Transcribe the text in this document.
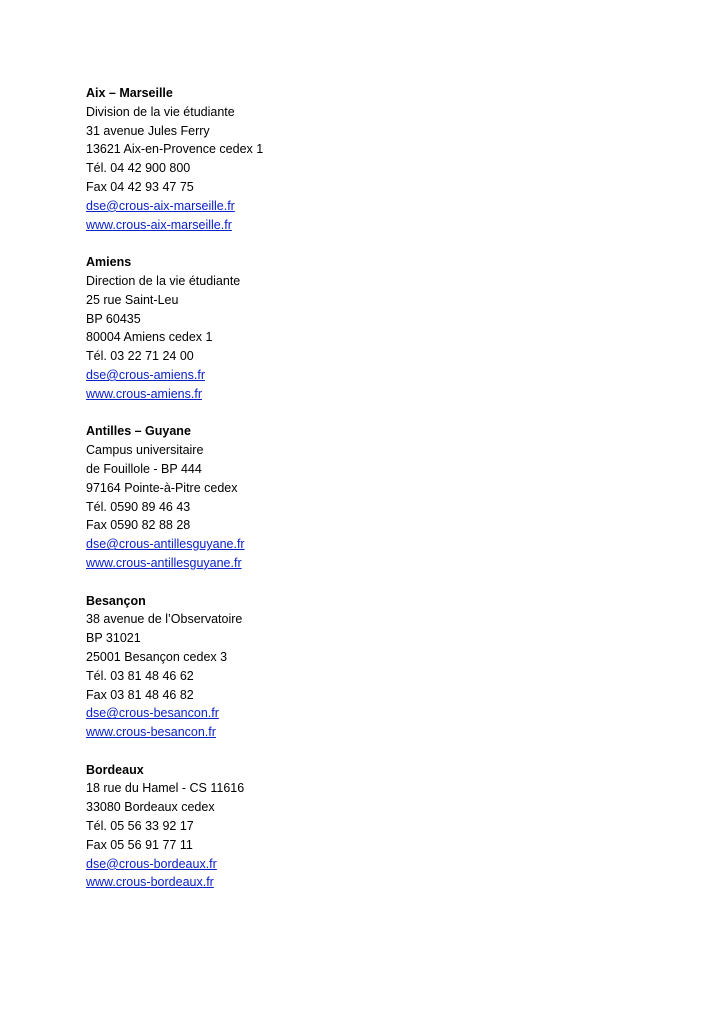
Aix – Marseille
Division de la vie étudiante
31 avenue Jules Ferry
13621 Aix-en-Provence cedex 1
Tél. 04 42 900 800
Fax 04 42 93 47 75
dse@crous-aix-marseille.fr
www.crous-aix-marseille.fr
Amiens
Direction de la vie étudiante
25 rue Saint-Leu
BP 60435
80004 Amiens cedex 1
Tél. 03 22 71 24 00
dse@crous-amiens.fr
www.crous-amiens.fr
Antilles – Guyane
Campus universitaire
de Fouillole - BP 444
97164 Pointe-à-Pitre cedex
Tél. 0590 89 46 43
Fax 0590 82 88 28
dse@crous-antillesguyane.fr
www.crous-antillesguyane.fr
Besançon
38 avenue de l’Observatoire
BP 31021
25001 Besançon cedex 3
Tél. 03 81 48 46 62
Fax 03 81 48 46 82
dse@crous-besancon.fr
www.crous-besancon.fr
Bordeaux
18 rue du Hamel - CS 11616
33080 Bordeaux cedex
Tél. 05 56 33 92 17
Fax 05 56 91 77 11
dse@crous-bordeaux.fr
www.crous-bordeaux.fr
